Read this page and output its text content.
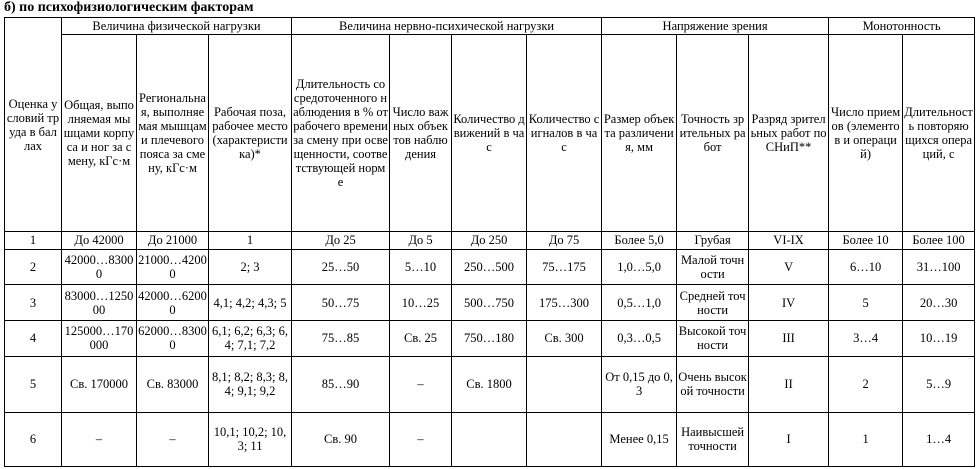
б) по психофизиологическим факторам
Оценка условий труда в баллах	Величина физической нагрузки			Величина нервно-психической нагрузки				Напряжение зрения			Монотонность	
	Общая, выполняемая мышцами корпуса и ног за смену, кГс·м	Региональная, выполняемая мышцами плечевого пояса за смену, кГс·м	Рабочая поза, рабочее место (характеристика)*	Длительность сосредоточенного наблюдения в % от рабочего времени за смену при освещенности, соответствующей норме	Число важных объектов наблюдения	Количество движений в час	Количество сигналов в час	Размер объекта различения, мм	Точность зрительных работ	Разряд зрительных работ по СНиП**	Число приемов (элементов и операций)	Длительность повторяющихся операций, с
1	До 42000	До 21000	1	До 25	До 5	До 250	До 75	Более 5,0	Грубая	VI-IX	Более 10	Более 100
2	42000…83000	21000…42000	2; 3	25…50	5…10	250…500	75…175	1,0…5,0	Малой точности	V	6…10	31…100
3	83000…125000	42000…62000	4,1; 4,2; 4,3; 5	50…75	10…25	500…750	175…300	0,5…1,0	Средней точности	IV	5	20…30
4	125000…170000	62000…83000	6,1; 6,2; 6,3; 6,4; 7,1; 7,2	75…85	Св. 25	750…180	Св. 300	0,3…0,5	Высокой точности	III	3…4	10…19
5	Св. 170000	Св. 83000	8,1; 8,2; 8,3; 8,4; 9,1; 9,2	85…90	–	Св. 1800		От 0,15 до 0,3	Очень высокой точности	II	2	5…9
6	–	–	10,1; 10,2; 10,3; 11	Св. 90	–			Менее 0,15	Наивысшей точности	I	1	1…4
